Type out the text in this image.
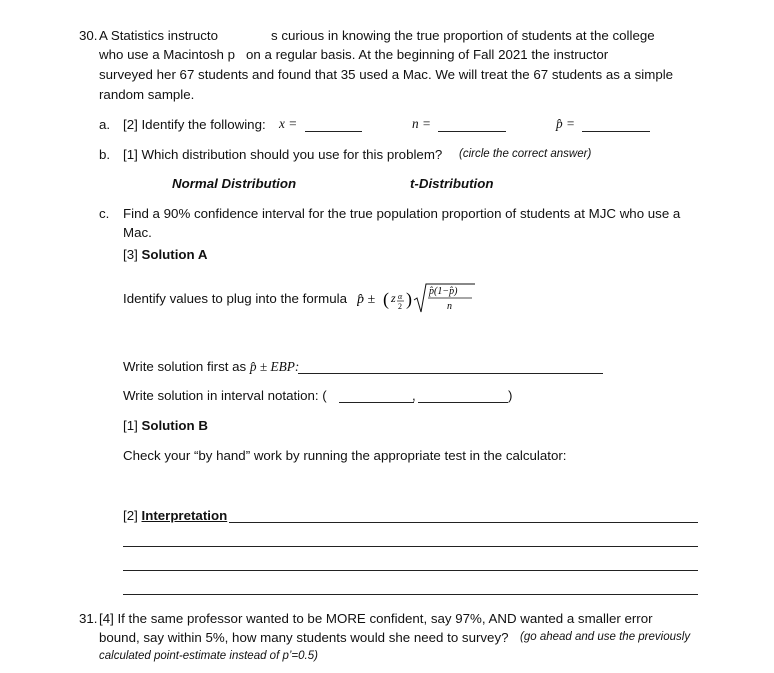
30. A Statistics instructo	s curious in knowing the true proportion of students at the college
who use a Macintosh p on a regular basis. At the beginning of Fall 2021 the instructor
surveyed her 67 students and found that 35 used a Mac. We will treat the 67 students as a simple
random sample.
a. [2] Identify the following: x =	n =	p̂ =
b. [1] Which distribution should you use for this problem? (circle the correct answer)
Normal Distribution	t-Distribution
c. Find a 90% confidence interval for the true population proportion of students at MJC who use a
Mac.
[3] Solution A
Identify values to plug into the formula p̂ ± ( z α
2 ) p̂(1−p̂)
n
Write solution first as p̂ ± EBP:
Write solution in interval notation: (	,	)
[1] Solution B
Check your “by hand” work by running the appropriate test in the calculator:
[2] Interpretation
31. [4] If the same professor wanted to be MORE confident, say 97%, AND wanted a smaller error
bound, say within 5%, how many students would she need to survey? (go ahead and use the previously
calculated point-estimate instead of p’=0.5)
